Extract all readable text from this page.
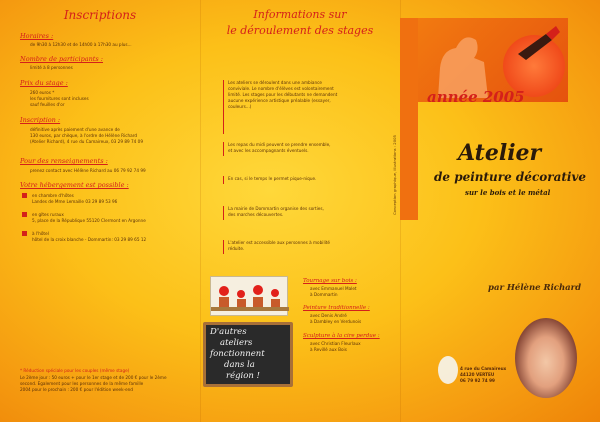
Inscriptions
Horaires :
de 9h30 à 12h30 et de 14h00 à 17h30 au plus...
Nombre de participants :
limité à 8 personnes
Prix du stage :
260 euros *
les fournitures sont incluses
sauf feuilles d'or
Inscription :
définitive après paiement d'une avance de
130 euros, par chèque, à l'ordre de Hélène Richard
(Atelier Richard), 4 rue du Camaireux, 03 29 89 74 09
Pour des renseignements :
prenez contact avec Hélène Richard au 06 79 92 74 99
Votre hébergement est possible :
en chambre d'hôtes
Landes de Mme Lemaille 03 29 89 53 96
en gîtes ruraux
5, place de la République 55120 Clermont en Argonne
à l'hôtel
hôtel de la croix blanche - Dommartin: 03 29 89 65 12
* Réduction spéciale pour les couples (même stage)
Le 2ème jour : 50 euros + pour le 1er stage et de 200 € pour le 2ème
second. Egalement pour les personnes de la même famille
2004 pour le prochain : 200 € pour l'édition week-end
Informations sur
le déroulement des stages
Les ateliers se déroulent dans une ambiance
conviviale. Le nombre d'élèves est volontairement
limité. Les stages pour les débutants ne demandent
aucune expérience artistique préalable (essayer,
couleurs...)
Les repas du midi peuvent se prendre ensemble,
et avec les accompagnants éventuels.
En cas, si le temps le permet pique-nique.
La mairie de Dommartin organise des sorties,
des marches découvertes.
L'atelier est accessible aux personnes à mobilité
réduite.
D'autres
ateliers
fonctionnent
dans la
région !
Tournage sur bois :
avec Emmanuel Malet
à Dommartin
Peinture traditionnelle :
avec Denis André
à Dambley en Verdunois
Sculpture à la cire perdue :
avec Christian Fleurlaux
à Revillé aux Bois
année 2005
Conception graphique, illustrations : 2005	Atelier
de peinture décorative
sur le bois et le métal
par Hélène Richard
4 rue du Camaireux
44120 VERTEU
06 79 92 74 99
